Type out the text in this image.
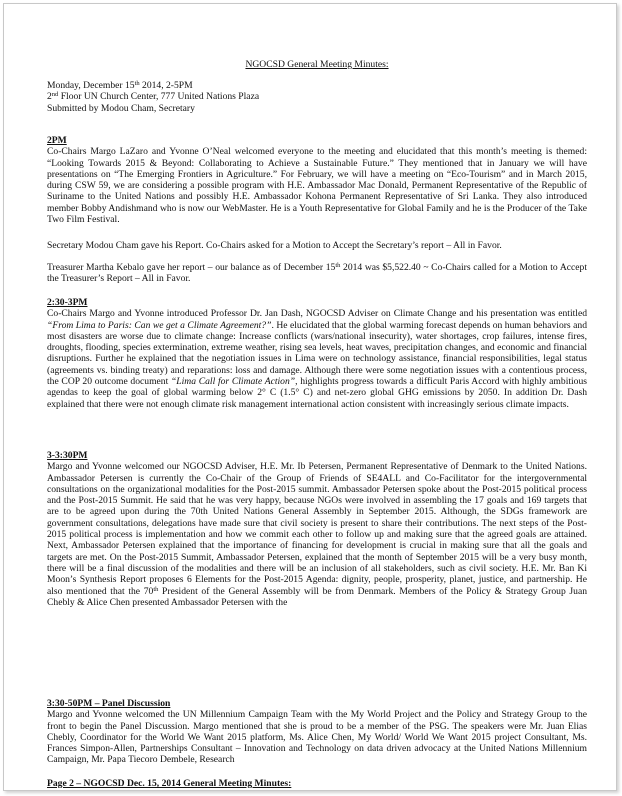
NGOCSD General Meeting Minutes:
Monday, December 15th 2014, 2-5PM
2nd Floor UN Church Center, 777 United Nations Plaza
Submitted by Modou Cham, Secretary
2PM

Co-Chairs Margo LaZaro and Yvonne O’Neal welcomed everyone to the meeting and elucidated that this month’s meeting is themed: “Looking Towards 2015 & Beyond: Collaborating to Achieve a Sustainable Future.” They mentioned that in January we will have presentations on “The Emerging Frontiers in Agriculture.” For February, we will have a meeting on “Eco-Tourism” and in March 2015, during CSW 59, we are considering a possible program with H.E. Ambassador Mac Donald, Permanent Representative of the Republic of Suriname to the United Nations and possibly H.E. Ambassador Kohona Permanent Representative of Sri Lanka. They also introduced member Bobby Andishmand who is now our WebMaster. He is a Youth Representative for Global Family and he is the Producer of the Take Two Film Festival.

Secretary Modou Cham gave his Report. Co-Chairs asked for a Motion to Accept the Secretary’s report – All in Favor.

Treasurer Martha Kebalo gave her report – our balance as of December 15th 2014 was $5,522.40 ~ Co-Chairs called for a Motion to Accept the Treasurer’s Report – All in Favor.

2:30-3PM

Co-Chairs Margo and Yvonne introduced Professor Dr. Jan Dash, NGOCSD Adviser on Climate Change and his presentation was entitled “From Lima to Paris: Can we get a Climate Agreement?”. He elucidated that the global warming forecast depends on human behaviors and most disasters are worse due to climate change: Increase conflicts (wars/national insecurity), water shortages, crop failures, intense fires, droughts, flooding, species extermination, extreme weather, rising sea levels, heat waves, precipitation changes, and economic and financial disruptions. Further he explained that the negotiation issues in Lima were on technology assistance, financial responsibilities, legal status (agreements vs. binding treaty) and reparations: loss and damage. Although there were some negotiation issues with a contentious process, the COP 20 outcome document “Lima Call for Climate Action”, highlights progress towards a difficult Paris Accord with highly ambitious agendas to keep the goal of global warming below 2° C (1.5° C) and net-zero global GHG emissions by 2050. In addition Dr. Dash explained that there were not enough climate risk management international action consistent with increasingly serious climate impacts.

3-3:30PM

Margo and Yvonne welcomed our NGOCSD Adviser, H.E. Mr. Ib Petersen, Permanent Representative of Denmark to the United Nations. Ambassador Petersen is currently the Co-Chair of the Group of Friends of SE4ALL and Co-Facilitator for the intergovernmental consultations on the organizational modalities for the Post-2015 summit. Ambassador Petersen spoke about the Post-2015 political process and the Post-2015 Summit. He said that he was very happy, because NGOs were involved in assembling the 17 goals and 169 targets that are to be agreed upon during the 70th United Nations General Assembly in September 2015. Although, the SDGs framework are government consultations, delegations have made sure that civil society is present to share their contributions. The next steps of the Post-2015 political process is implementation and how we commit each other to follow up and making sure that the agreed goals are attained. Next, Ambassador Petersen explained that the importance of financing for development is crucial in making sure that all the goals and targets are met. On the Post-2015 Summit, Ambassador Petersen, explained that the month of September 2015 will be a very busy month, there will be a final discussion of the modalities and there will be an inclusion of all stakeholders, such as civil society. H.E. Mr. Ban Ki Moon’s Synthesis Report proposes 6 Elements for the Post-2015 Agenda: dignity, people, prosperity, planet, justice, and partnership. He also mentioned that the 70th President of the General Assembly will be from Denmark. Members of the Policy & Strategy Group Juan Chebly & Alice Chen presented Ambassador Petersen with the

3:30-50PM – Panel Discussion

Margo and Yvonne welcomed the UN Millennium Campaign Team with the My World Project and the Policy and Strategy Group to the front to begin the Panel Discussion. Margo mentioned that she is proud to be a member of the PSG. The speakers were Mr. Juan Elias Chebly, Coordinator for the World We Want 2015 platform, Ms. Alice Chen, My World/ World We Want 2015 project Consultant, Ms. Frances Simpon-Allen, Partnerships Consultant – Innovation and Technology on data driven advocacy at the United Nations Millennium Campaign, Mr. Papa Tiecoro Dembele, Research

Page 2 – NGOCSD Dec. 15, 2014 General Meeting Minutes:
